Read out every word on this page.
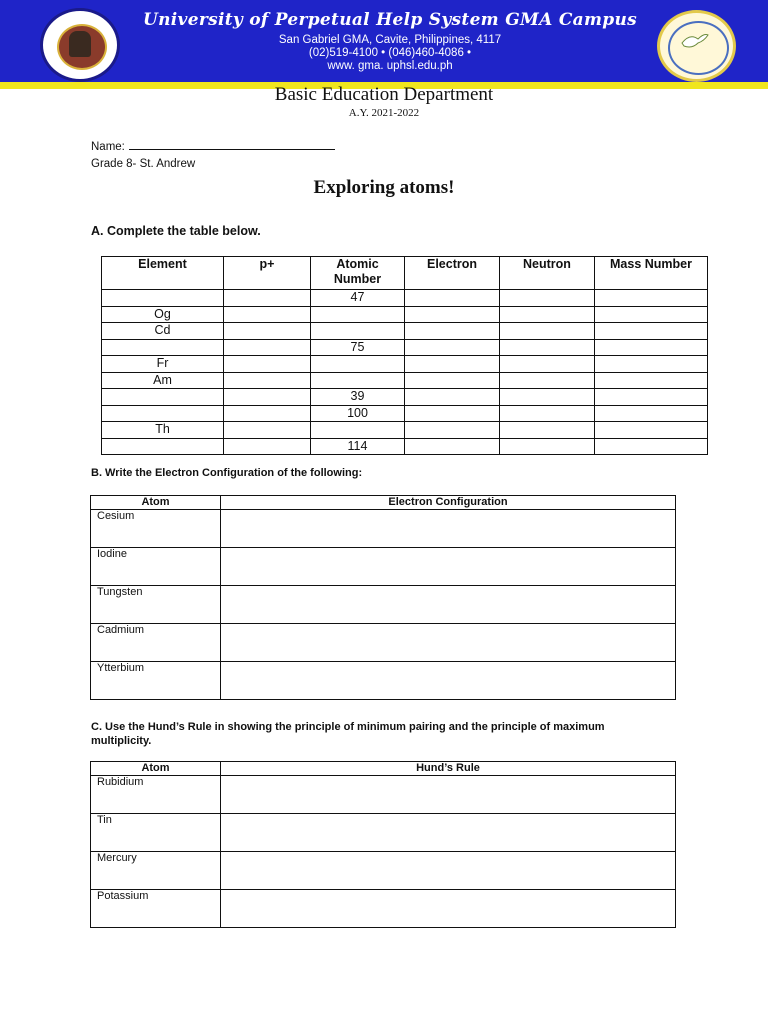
University of Perpetual Help System GMA Campus
San Gabriel GMA, Cavite, Philippines, 4117
(02)519-4100 • (046)460-4086 •
www. gma. uphsl.edu.ph
Basic Education Department
A.Y. 2021-2022
Name:
Grade 8- St. Andrew
Exploring atoms!
A. Complete the table below.
Element	p+	Atomic Number	Electron	Neutron	Mass Number
		47			
Og					
Cd					
		75			
Fr					
Am					
		39			
		100			
Th					
		114			
B. Write the Electron Configuration of the following:
Atom	Electron Configuration
Cesium	
Iodine	
Tungsten	
Cadmium	
Ytterbium	
C. Use the Hund’s Rule in showing the principle of minimum pairing and the principle of maximum multiplicity.
Atom	Hund’s Rule
Rubidium	
Tin	
Mercury	
Potassium	
